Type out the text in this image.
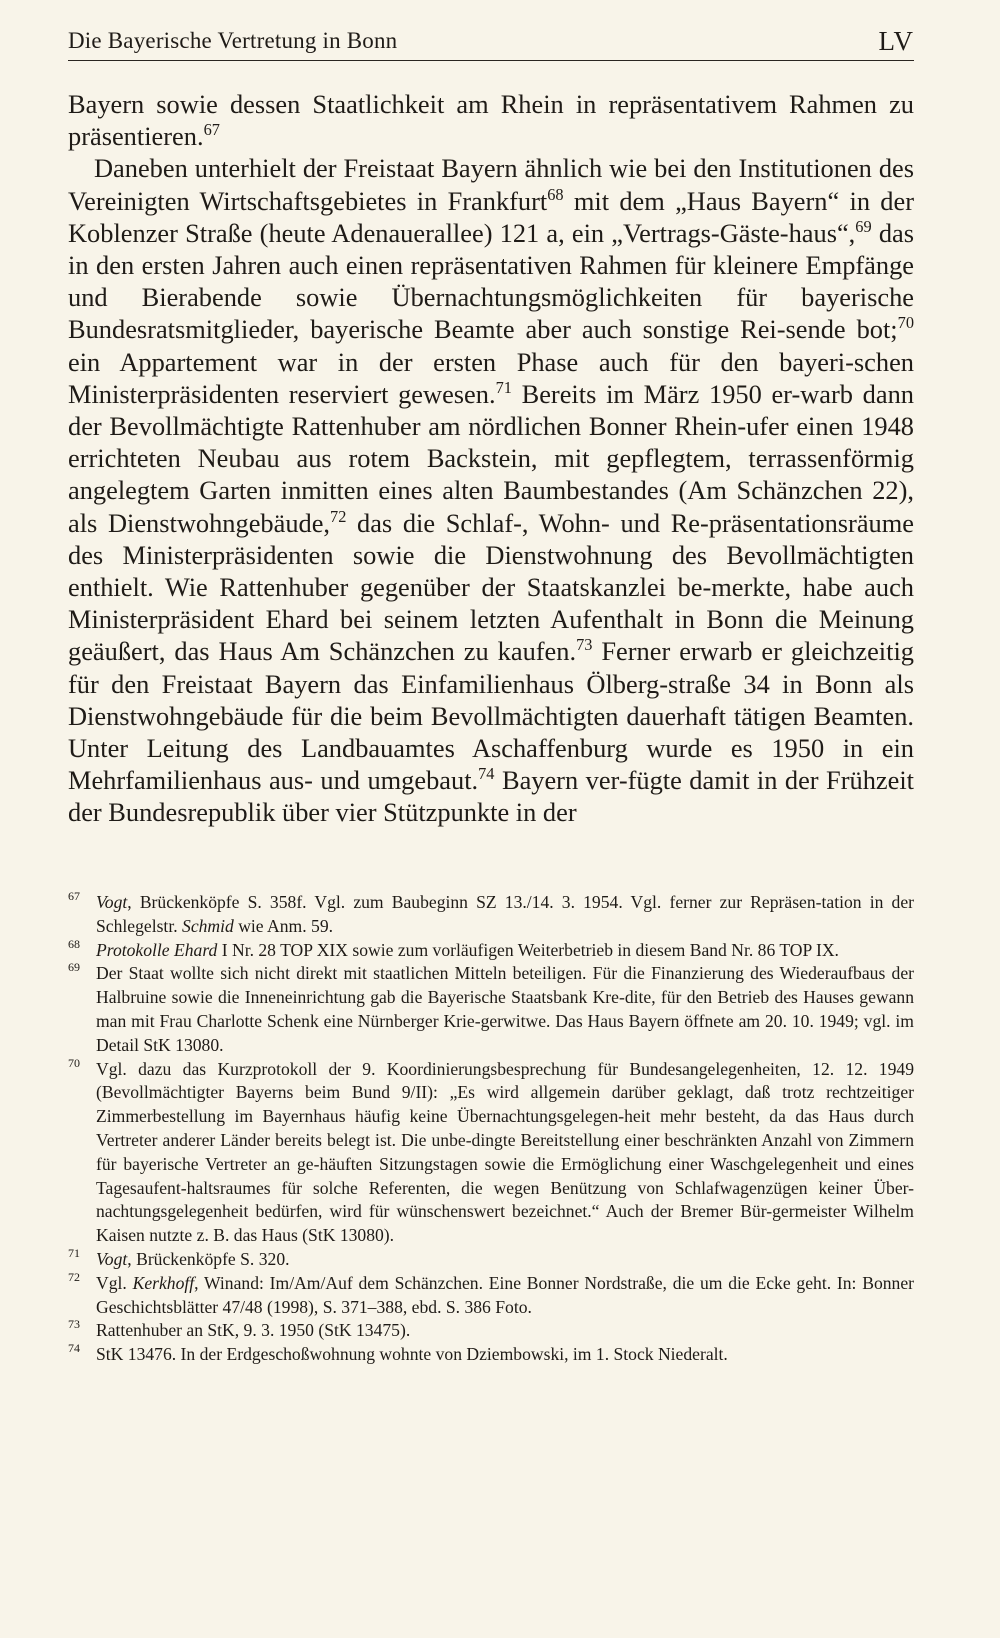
Die Bayerische Vertretung in Bonn	LV

Bayern sowie dessen Staatlichkeit am Rhein in repräsentativem Rahmen zu präsentieren.$^{67}$

Daneben unterhielt der Freistaat Bayern ähnlich wie bei den Institutionen des Vereinigten Wirtschaftsgebietes in Frankfurt$^{68}$ mit dem „Haus Bayern“ in der Koblenzer Straße (heute Adenauerallee) 121 a, ein „Vertrags-Gäste-haus“,$^{69}$ das in den ersten Jahren auch einen repräsentativen Rahmen für kleinere Empfänge und Bierabende sowie Übernachtungsmöglichkeiten für bayerische Bundesratsmitglieder, bayerische Beamte aber auch sonstige Rei-sende bot;$^{70}$ ein Appartement war in der ersten Phase auch für den bayeri-schen Ministerpräsidenten reserviert gewesen.$^{71}$ Bereits im März 1950 er-warb dann der Bevollmächtigte Rattenhuber am nördlichen Bonner Rhein-ufer einen 1948 errichteten Neubau aus rotem Backstein, mit gepflegtem, terrassenförmig angelegtem Garten inmitten eines alten Baumbestandes (Am Schänzchen 22), als Dienstwohngebäude,$^{72}$ das die Schlaf-, Wohn- und Re-präsentationsräume des Ministerpräsidenten sowie die Dienstwohnung des Bevollmächtigten enthielt. Wie Rattenhuber gegenüber der Staatskanzlei be-merkte, habe auch Ministerpräsident Ehard bei seinem letzten Aufenthalt in Bonn die Meinung geäußert, das Haus Am Schänzchen zu kaufen.$^{73}$ Ferner erwarb er gleichzeitig für den Freistaat Bayern das Einfamilienhaus Ölberg-straße 34 in Bonn als Dienstwohngebäude für die beim Bevollmächtigten dauerhaft tätigen Beamten. Unter Leitung des Landbauamtes Aschaffenburg wurde es 1950 in ein Mehrfamilienhaus aus- und umgebaut.$^{74}$ Bayern ver-fügte damit in der Frühzeit der Bundesrepublik über vier Stützpunkte in der

67 Vogt, Brückenköpfe S. 358f. Vgl. zum Baubeginn SZ 13./14. 3. 1954. Vgl. ferner zur Repräsen-tation in der Schlegelstr. Schmid wie Anm. 59.
68 Protokolle Ehard I Nr. 28 TOP XIX sowie zum vorläufigen Weiterbetrieb in diesem Band Nr. 86 TOP IX.
69 Der Staat wollte sich nicht direkt mit staatlichen Mitteln beteiligen. Für die Finanzierung des Wiederaufbaus der Halbruine sowie die Inneneinrichtung gab die Bayerische Staatsbank Kre-dite, für den Betrieb des Hauses gewann man mit Frau Charlotte Schenk eine Nürnberger Krie-gerwitwe. Das Haus Bayern öffnete am 20. 10. 1949; vgl. im Detail StK 13080.
70 Vgl. dazu das Kurzprotokoll der 9. Koordinierungsbesprechung für Bundesangelegenheiten, 12. 12. 1949 (Bevollmächtigter Bayerns beim Bund 9/II): „Es wird allgemein darüber geklagt, daß trotz rechtzeitiger Zimmerbestellung im Bayernhaus häufig keine Übernachtungsgelegen-heit mehr besteht, da das Haus durch Vertreter anderer Länder bereits belegt ist. Die unbe-dingte Bereitstellung einer beschränkten Anzahl von Zimmern für bayerische Vertreter an ge-häuften Sitzungstagen sowie die Ermöglichung einer Waschgelegenheit und eines Tagesaufent-haltsraumes für solche Referenten, die wegen Benützung von Schlafwagenzügen keiner Über-nachtungsgelegenheit bedürfen, wird für wünschenswert bezeichnet.“ Auch der Bremer Bür-germeister Wilhelm Kaisen nutzte z. B. das Haus (StK 13080).
71 Vogt, Brückenköpfe S. 320.
72 Vgl. Kerkhoff, Winand: Im/Am/Auf dem Schänzchen. Eine Bonner Nordstraße, die um die Ecke geht. In: Bonner Geschichtsblätter 47/48 (1998), S. 371–388, ebd. S. 386 Foto.
73 Rattenhuber an StK, 9. 3. 1950 (StK 13475).
74 StK 13476. In der Erdgeschoßwohnung wohnte von Dziembowski, im 1. Stock Niederalt.
